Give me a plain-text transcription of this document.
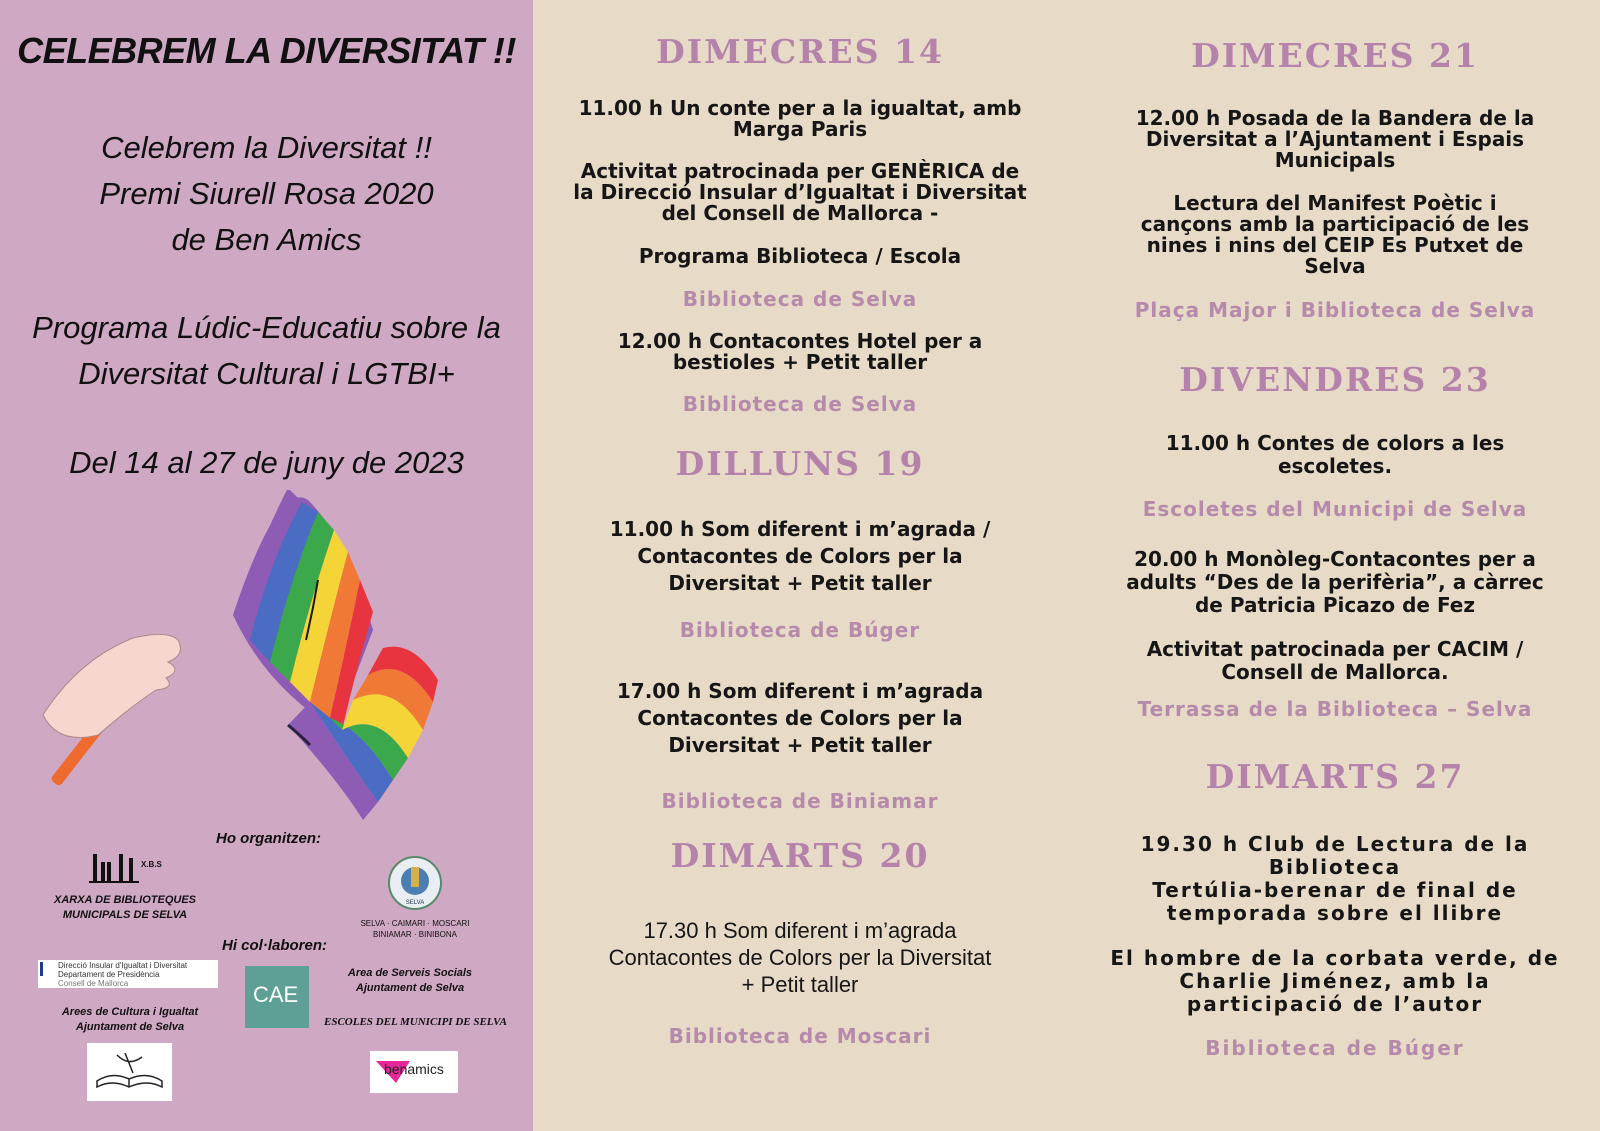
CELEBREM LA DIVERSITAT !!

Celebrem la Diversitat !!
Premi Siurell Rosa 2020
de Ben Amics
Programa Lúdic-Educatiu sobre la
Diversitat Cultural i LGTBI+

Del 14 al 27 de juny de 2023

Ho organitzen:
X.B.S
XARXA DE BIBLIOTEQUES
MUNICIPALS DE SELVA
SELVA
SELVA · CAIMARI · MOSCARI
BINIAMAR · BINIBONA
Hi col·laboren:
Direcció Insular d'Igualtat i Diversitat
Departament de Presidència
Consell de Mallorca
Arees de Cultura i Igualtat
Ajuntament de Selva
CAE
Area de Serveis Socials
Ajuntament de Selva
ESCOLES DEL MUNICIPI DE SELVA
benamics
DIMECRES 14
11.00 h Un conte per a la igualtat, amb
Marga Paris
Activitat patrocinada per GENÈRICA de
la Direcció Insular d’Igualtat i Diversitat
del Consell de Mallorca -
Programa Biblioteca / Escola
Biblioteca de Selva
12.00 h Contacontes Hotel per a
bestioles + Petit taller
Biblioteca de Selva
DILLUNS 19
11.00 h Som diferent i m’agrada /
Contacontes de Colors per la
Diversitat + Petit taller
Biblioteca de Búger
17.00 h Som diferent i m’agrada
Contacontes de Colors per la
Diversitat + Petit taller
Biblioteca de Biniamar
DIMARTS 20
17.30 h Som diferent i m’agrada
Contacontes de Colors per la Diversitat
+ Petit taller
Biblioteca de Moscari
DIMECRES 21
12.00 h Posada de la Bandera de la
Diversitat a l’Ajuntament i Espais
Municipals
Lectura del Manifest Poètic i
cançons amb la participació de les
nines i nins del CEIP Es Putxet de
Selva
Plaça Major i Biblioteca de Selva
DIVENDRES 23
11.00 h Contes de colors a les
escoletes.
Escoletes del Municipi de Selva
20.00 h Monòleg-Contacontes per a
adults “Des de la perifèria”, a càrrec
de Patricia Picazo de Fez
Activitat patrocinada per CACIM /
Consell de Mallorca.
Terrassa de la Biblioteca – Selva
DIMARTS 27
19.30 h Club de Lectura de la
Biblioteca
Tertúlia-berenar de final de
temporada sobre el llibre
El hombre de la corbata verde, de
Charlie Jiménez, amb la
participació de l’autor
Biblioteca de Búger
